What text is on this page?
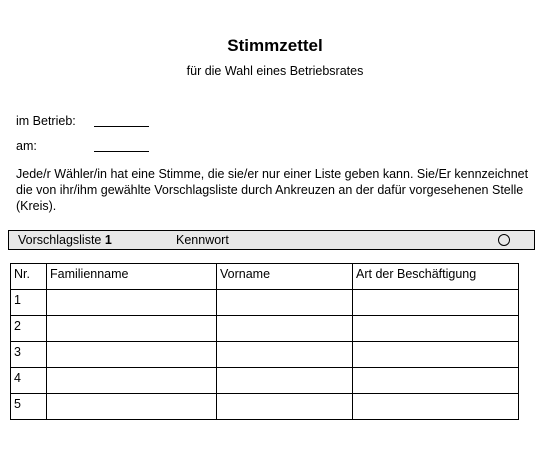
Stimmzettel
für die Wahl eines Betriebsrates
im Betrieb:
am:
Jede/r Wähler/in hat eine Stimme, die sie/er nur einer Liste geben kann. Sie/Er kennzeichnet die von ihr/ihm gewählte Vorschlagsliste durch Ankreuzen an der dafür vorgesehenen Stelle (Kreis).
Vorschlagsliste 1	Kennwort
Nr.	Familienname	Vorname	Art der Beschäftigung
1			
2			
3			
4			
5			
